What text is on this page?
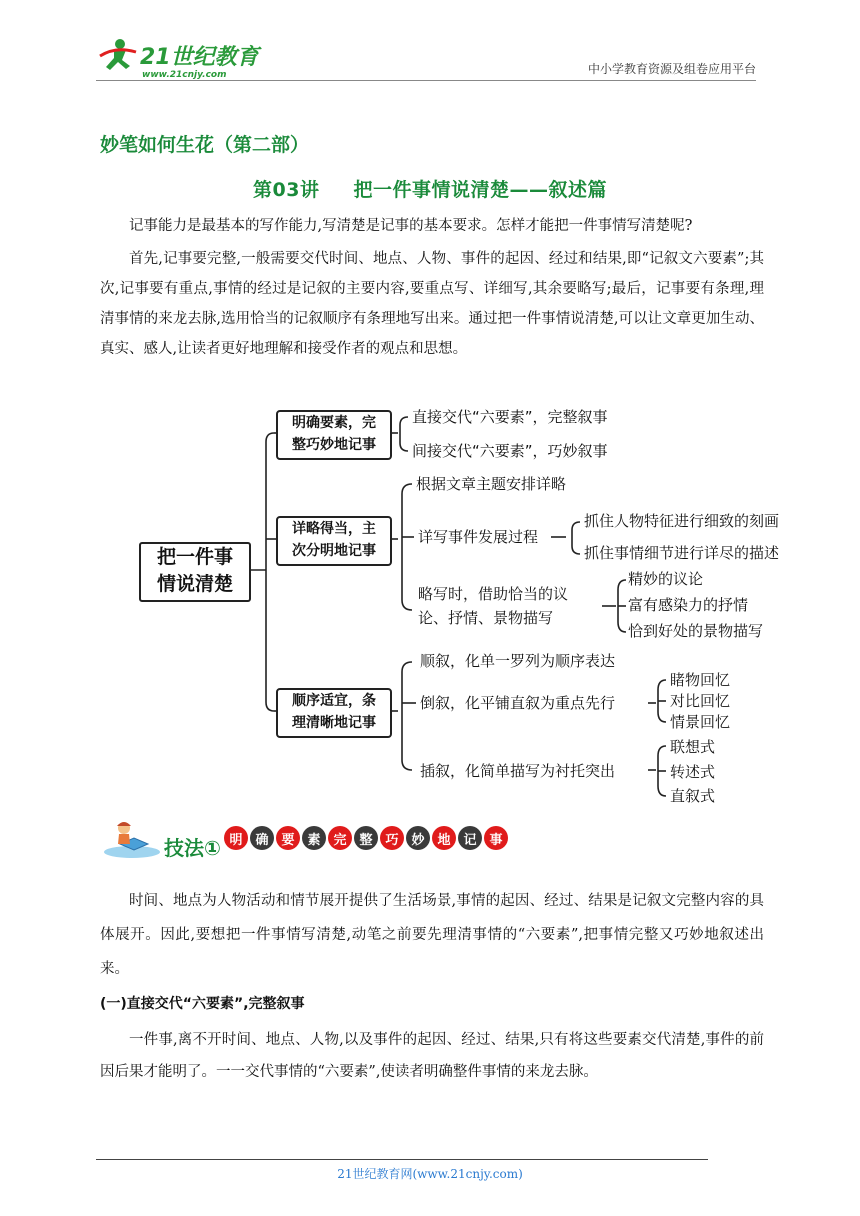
21世纪教育
www.21cnjy.com	中小学教育资源及组卷应用平台
妙笔如何生花（第二部）
第03讲 把一件事情说清楚——叙述篇
记事能力是最基本的写作能力,写清楚是记事的基本要求。怎样才能把一件事情写清楚呢?
首先,记事要完整,一般需要交代时间、地点、人物、事件的起因、经过和结果,即“记叙文六要素”;其次,记事要有重点,事情的经过是记叙的主要内容,要重点写、详细写,其余要略写;最后，记事要有条理,理清事情的来龙去脉,选用恰当的记叙顺序有条理地写出来。通过把一件事情说清楚,可以让文章更加生动、真实、感人,让读者更好地理解和接受作者的观点和思想。
把一件事
情说清楚
明确要素，完
整巧妙地记事
详略得当，主
次分明地记事
顺序适宜，条
理清晰地记事
直接交代“六要素”，完整叙事
间接交代“六要素”，巧妙叙事
根据文章主题安排详略
详写事件发展过程
抓住人物特征进行细致的刻画
抓住事情细节进行详尽的描述
略写时，借助恰当的议
论、抒情、景物描写
精妙的议论
富有感染力的抒情
恰到好处的景物描写
顺叙，化单一罗列为顺序表达
倒叙，化平铺直叙为重点先行
睹物回忆
对比回忆
情景回忆
插叙，化简单描写为衬托突出
联想式
转述式
直叙式
技法① 明 确 要 素 完 整 巧 妙 地 记 事
时间、地点为人物活动和情节展开提供了生活场景,事情的起因、经过、结果是记叙文完整内容的具体展开。因此,要想把一件事情写清楚,动笔之前要先理清事情的“六要素”,把事情完整又巧妙地叙述出来。
(一)直接交代“六要素”,完整叙事
一件事,离不开时间、地点、人物,以及事件的起因、经过、结果,只有将这些要素交代清楚,事件的前因后果才能明了。一一交代事情的“六要素”,使读者明确整件事情的来龙去脉。
21世纪教育网(www.21cnjy.com)
